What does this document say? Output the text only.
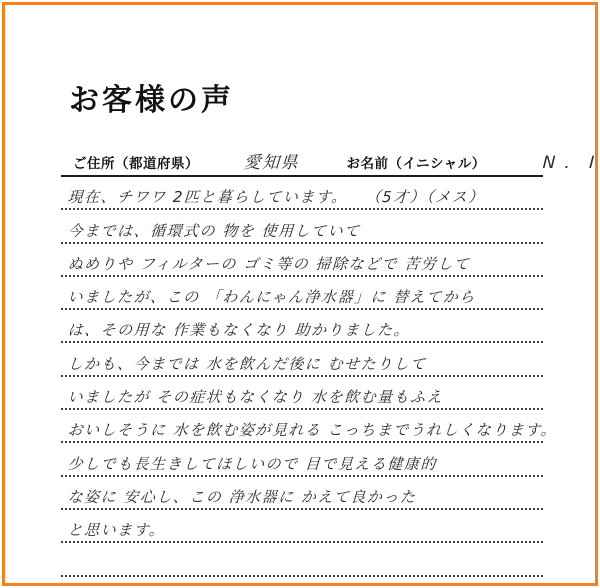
お客様の声
ご住所（都道府県）	愛知県	お名前（イニシャル）	N ． I
現在、チワワ 2匹と暮らしています。　　（5才）（メス）
今までは、循環式の 物を 使用していて
ぬめりや フィルターの ゴミ等の 掃除などで 苦労して
いましたが、この 「わんにゃん浄水器」に 替えてから
は、その用な 作業もなくなり 助かりました。
しかも、今までは 水を飲んだ後に むせたりして
いましたが その症状もなくなり 水を飲む量もふえ
おいしそうに 水を飲む姿が見れる こっちまでうれしくなります。
少しでも長生きしてほしいので 目で見える健康的
な姿に 安心し、この 浄水器に かえて良かった
と思います。
